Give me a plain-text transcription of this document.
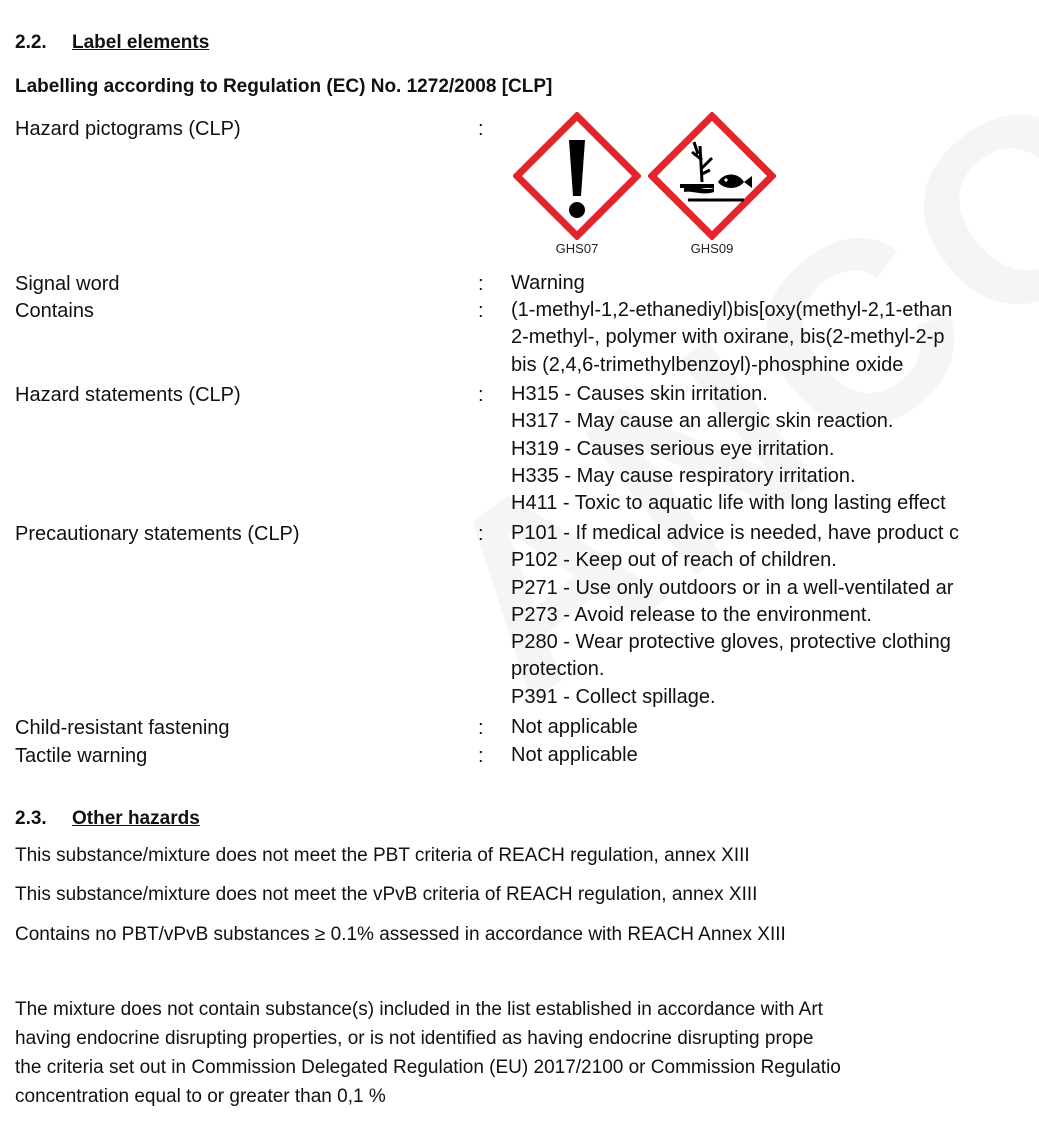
2.2. Label elements
Labelling according to Regulation (EC) No. 1272/2008 [CLP]
Hazard pictograms (CLP)	:
GHS07	GHS09
Signal word	: Warning
Contains	: (1-methyl-1,2-ethanediyl)bis[oxy(methyl-2,1-ethan
2-methyl-, polymer with oxirane, bis(2-methyl-2-p
bis (2,4,6-trimethylbenzoyl)-phosphine oxide
Hazard statements (CLP)	: H315 - Causes skin irritation.
H317 - May cause an allergic skin reaction.
H319 - Causes serious eye irritation.
H335 - May cause respiratory irritation.
H411 - Toxic to aquatic life with long lasting effect
Precautionary statements (CLP)	: P101 - If medical advice is needed, have product c
P102 - Keep out of reach of children.
P271 - Use only outdoors or in a well-ventilated ar
P273 - Avoid release to the environment.
P280 - Wear protective gloves, protective clothing
protection.
P391 - Collect spillage.
Child-resistant fastening	: Not applicable
Tactile warning	: Not applicable
2.3. Other hazards
This substance/mixture does not meet the PBT criteria of REACH regulation, annex XIII
This substance/mixture does not meet the vPvB criteria of REACH regulation, annex XIII
Contains no PBT/vPvB substances ≥ 0.1% assessed in accordance with REACH Annex XIII
The mixture does not contain substance(s) included in the list established in accordance with Art
having endocrine disrupting properties, or is not identified as having endocrine disrupting prope
the criteria set out in Commission Delegated Regulation (EU) 2017/2100 or Commission Regulatio
concentration equal to or greater than 0,1 %
